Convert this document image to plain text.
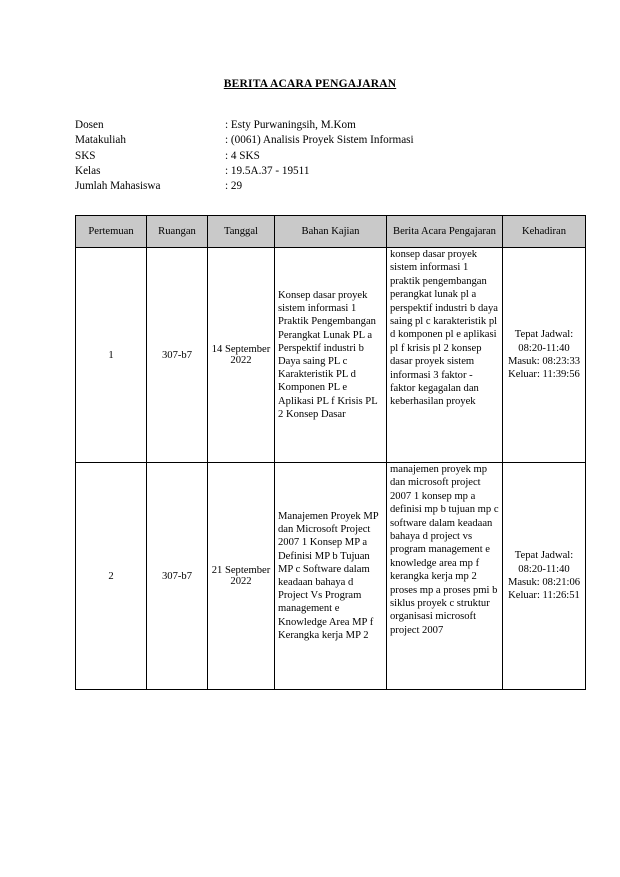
BERITA ACARA PENGAJARAN
Dosen	: Esty Purwaningsih, M.Kom
Matakuliah	: (0061) Analisis Proyek Sistem Informasi
SKS	: 4 SKS
Kelas	: 19.5A.37 - 19511
Jumlah Mahasiswa	: 29
Pertemuan	Ruangan	Tanggal	Bahan Kajian	Berita Acara Pengajaran	Kehadiran
1	307-b7	14 September 2022	Konsep dasar proyek sistem informasi 1 Praktik Pengembangan Perangkat Lunak PL a Perspektif industri b Daya saing PL c Karakteristik PL d Komponen PL e Aplikasi PL f Krisis PL 2 Konsep Dasar	konsep dasar proyek sistem informasi 1 praktik pengembangan perangkat lunak pl a perspektif industri b daya saing pl c karakteristik pl d komponen pl e aplikasi pl f krisis pl 2 konsep dasar proyek sistem informasi 3 faktor - faktor kegagalan dan keberhasilan proyek	Tepat Jadwal: 08:20-11:40 Masuk: 08:23:33 Keluar: 11:39:56
2	307-b7	21 September 2022	Manajemen Proyek MP dan Microsoft Project 2007 1 Konsep MP a Definisi MP b Tujuan MP c Software dalam keadaan bahaya d Project Vs Program management e Knowledge Area MP f Kerangka kerja MP 2	manajemen proyek mp dan microsoft project 2007 1 konsep mp a definisi mp b tujuan mp c software dalam keadaan bahaya d project vs program management e knowledge area mp f kerangka kerja mp 2 proses mp a proses pmi b siklus proyek c struktur organisasi microsoft project 2007	Tepat Jadwal: 08:20-11:40 Masuk: 08:21:06 Keluar: 11:26:51
